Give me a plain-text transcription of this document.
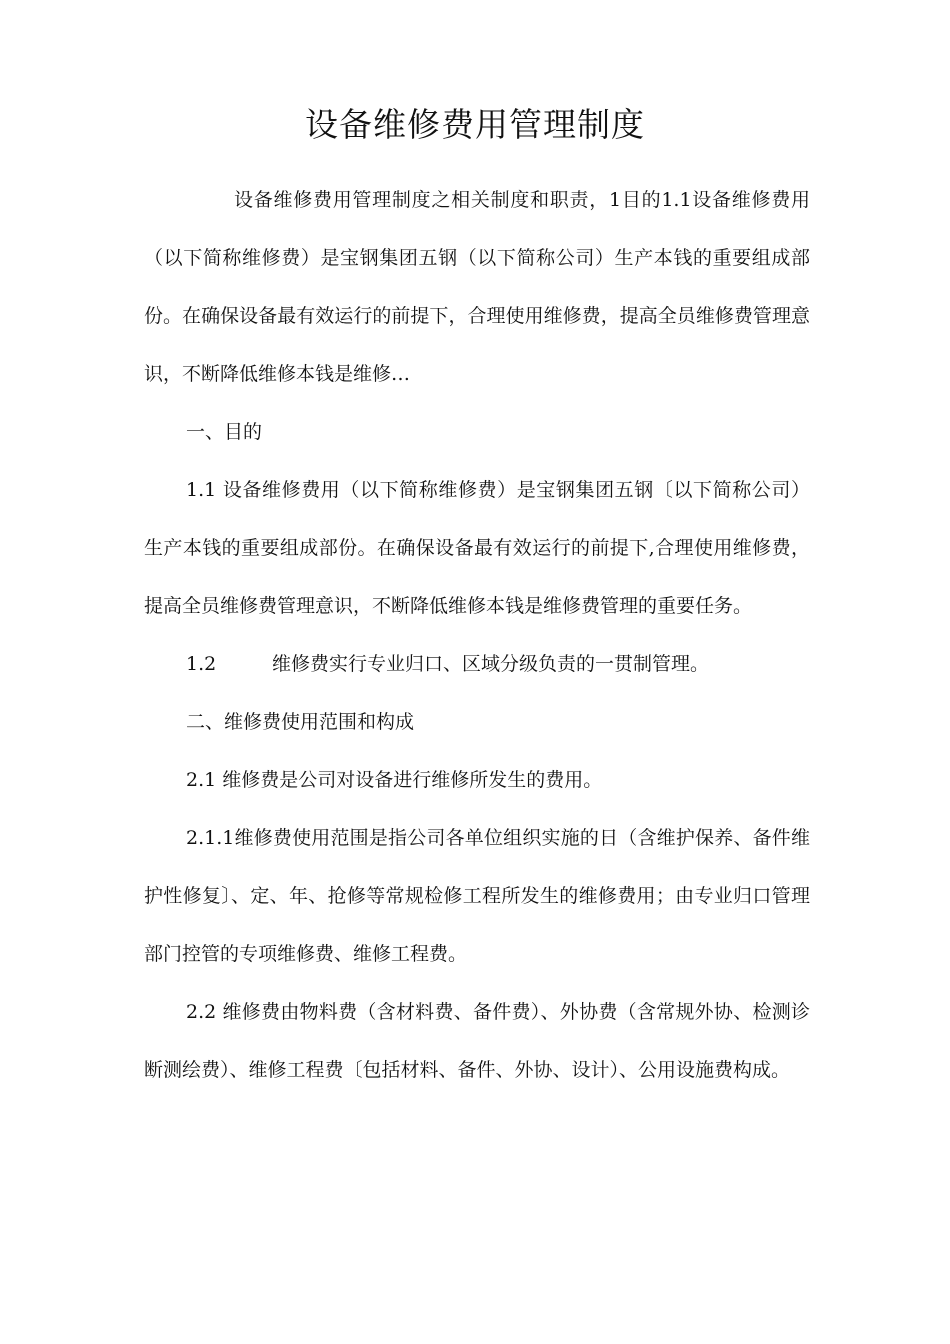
设备维修费用管理制度

设备维修费用管理制度之相关制度和职责，1目的1.1设备维修费用（以下简称维修费）是宝钢集团五钢（以下简称公司）生产本钱的重要组成部份。在确保设备最有效运行的前提下，合理使用维修费，提高全员维修费管理意识，不断降低维修本钱是维修…

一、目的

1.1 设备维修费用（以下简称维修费）是宝钢集团五钢〔以下简称公司）生产本钱的重要组成部份。在确保设备最有效运行的前提下,合理使用维修费，提高全员维修费管理意识，不断降低维修本钱是维修费管理的重要任务。

1.2	维修费实行专业归口、区域分级负责的一贯制管理。

二、维修费使用范围和构成

2.1 维修费是公司对设备进行维修所发生的费用。

2.1.1维修费使用范围是指公司各单位组织实施的日（含维护保养、备件维护性修复〕、定、年、抢修等常规检修工程所发生的维修费用；由专业归口管理部门控管的专项维修费、维修工程费。

2.2 维修费由物料费（含材料费、备件费）、外协费（含常规外协、检测诊断测绘费）、维修工程费〔包括材料、备件、外协、设计）、公用设施费构成。
